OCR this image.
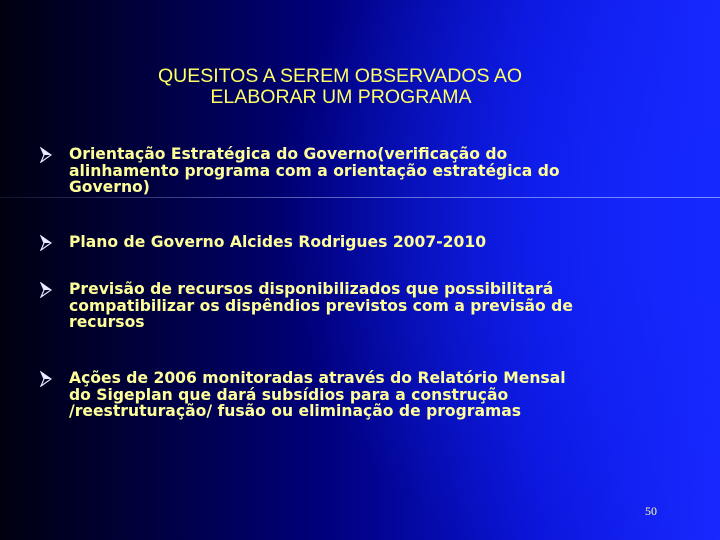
QUESITOS A SEREM OBSERVADOS AO
ELABORAR UM PROGRAMA
Orientação Estratégica do Governo(verificação do
alinhamento programa com a orientação estratégica do
Governo)
Plano de Governo Alcides Rodrigues 2007-2010
Previsão de recursos disponibilizados que possibilitará
compatibilizar os dispêndios previstos com a previsão de
recursos
Ações de 2006 monitoradas através do Relatório Mensal
do Sigeplan que dará subsídios para a construção
/reestruturação/ fusão ou eliminação de programas
50
